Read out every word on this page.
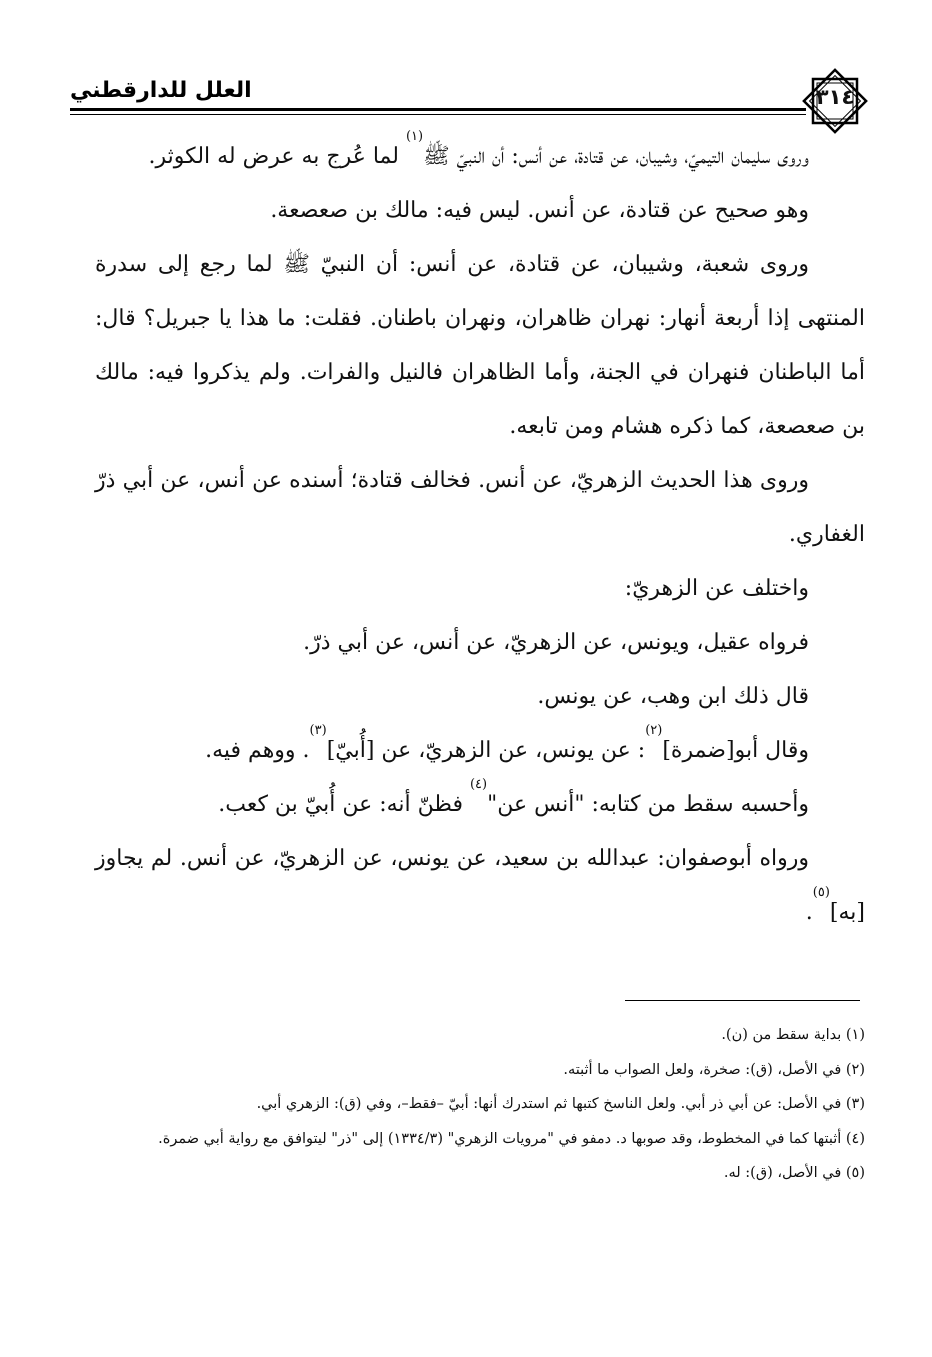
العلل للدارقطني	٣١٤

وروى سليمان التيميّ، وشيبان، عن قتادة، عن أنس: أن النبيّ ﷺ$^{(١)}$ لما عُرج به عرض له الكوثر.

وهو صحيح عن قتادة، عن أنس. ليس فيه: مالك بن صعصعة.

وروى شعبة، وشيبان، عن قتادة، عن أنس: أن النبيّ ﷺ لما رجع إلى سدرة المنتهى إذا أربعة أنهار: نهران ظاهران، ونهران باطنان. فقلت: ما هذا يا جبريل؟ قال: أما الباطنان فنهران في الجنة، وأما الظاهران فالنيل والفرات. ولم يذكروا فيه: مالك بن صعصعة، كما ذكره هشام ومن تابعه.

وروى هذا الحديث الزهريّ، عن أنس. فخالف قتادة؛ أسنده عن أنس، عن أبي ذرّ الغفاري.

واختلف عن الزهريّ:

فرواه عقيل، ويونس، عن الزهريّ، عن أنس، عن أبي ذرّ.

قال ذلك ابن وهب، عن يونس.

وقال أبو[ضمرة]$^{(٢)}$: عن يونس، عن الزهريّ، عن [أُبيّ]$^{(٣)}$. ووهم فيه.

وأحسبه سقط من كتابه: "أنس عن"$^{(٤)}$ فظنّ أنه: عن أُبيّ بن كعب.

ورواه أبوصفوان: عبدالله بن سعيد، عن يونس، عن الزهريّ، عن أنس. لم يجاوز [به]$^{(٥)}$.

(١) بداية سقط من (ن).
(٢) في الأصل، (ق): صخرة، ولعل الصواب ما أثبته.
(٣) في الأصل: عن أبي ذر أبي. ولعل الناسخ كتبها ثم استدرك أنها: أبيّ –فقط–، وفي (ق): الزهري أبي.
(٤) أثبتها كما في المخطوط، وقد صوبها د. دمفو في "مرويات الزهري" (١٣٣٤/٣) إلى "ذر" ليتوافق مع رواية أبي ضمرة.
(٥) في الأصل، (ق): له.
